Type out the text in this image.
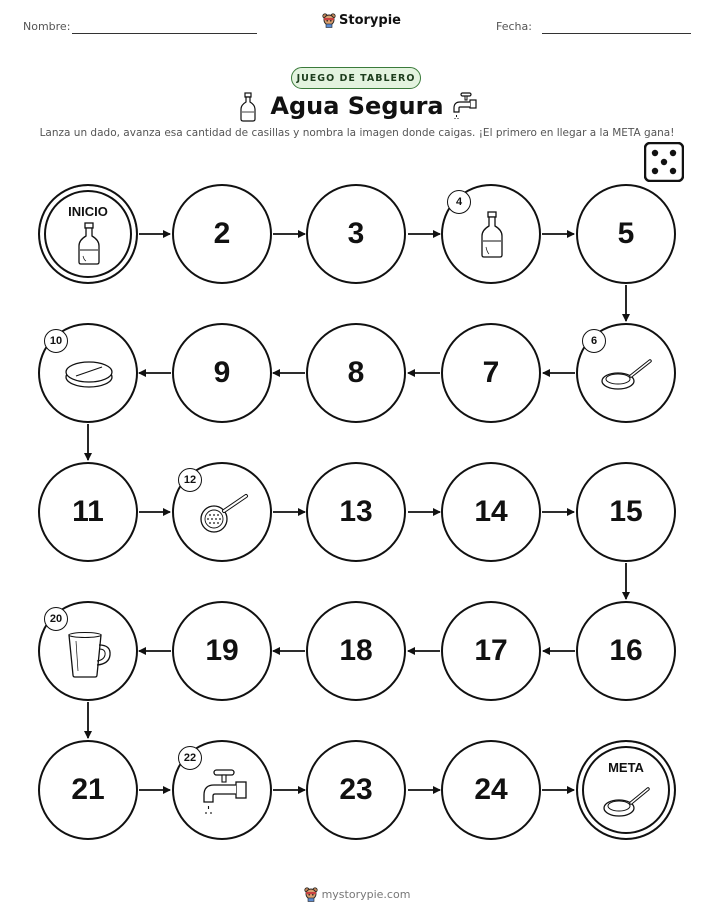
Nombre:	Storypie	Fecha:
JUEGO DE TABLERO
Agua Segura
Lanza un dado, avanza esa cantidad de casillas y nombra la imagen donde caigas. ¡El primero en llegar a la META gana!
INICIO
2	3
4
5
10
9	8	7
6
11
12
13	14	15
20
19	18	17	16
21
22
23	24
META
mystorypie.com
